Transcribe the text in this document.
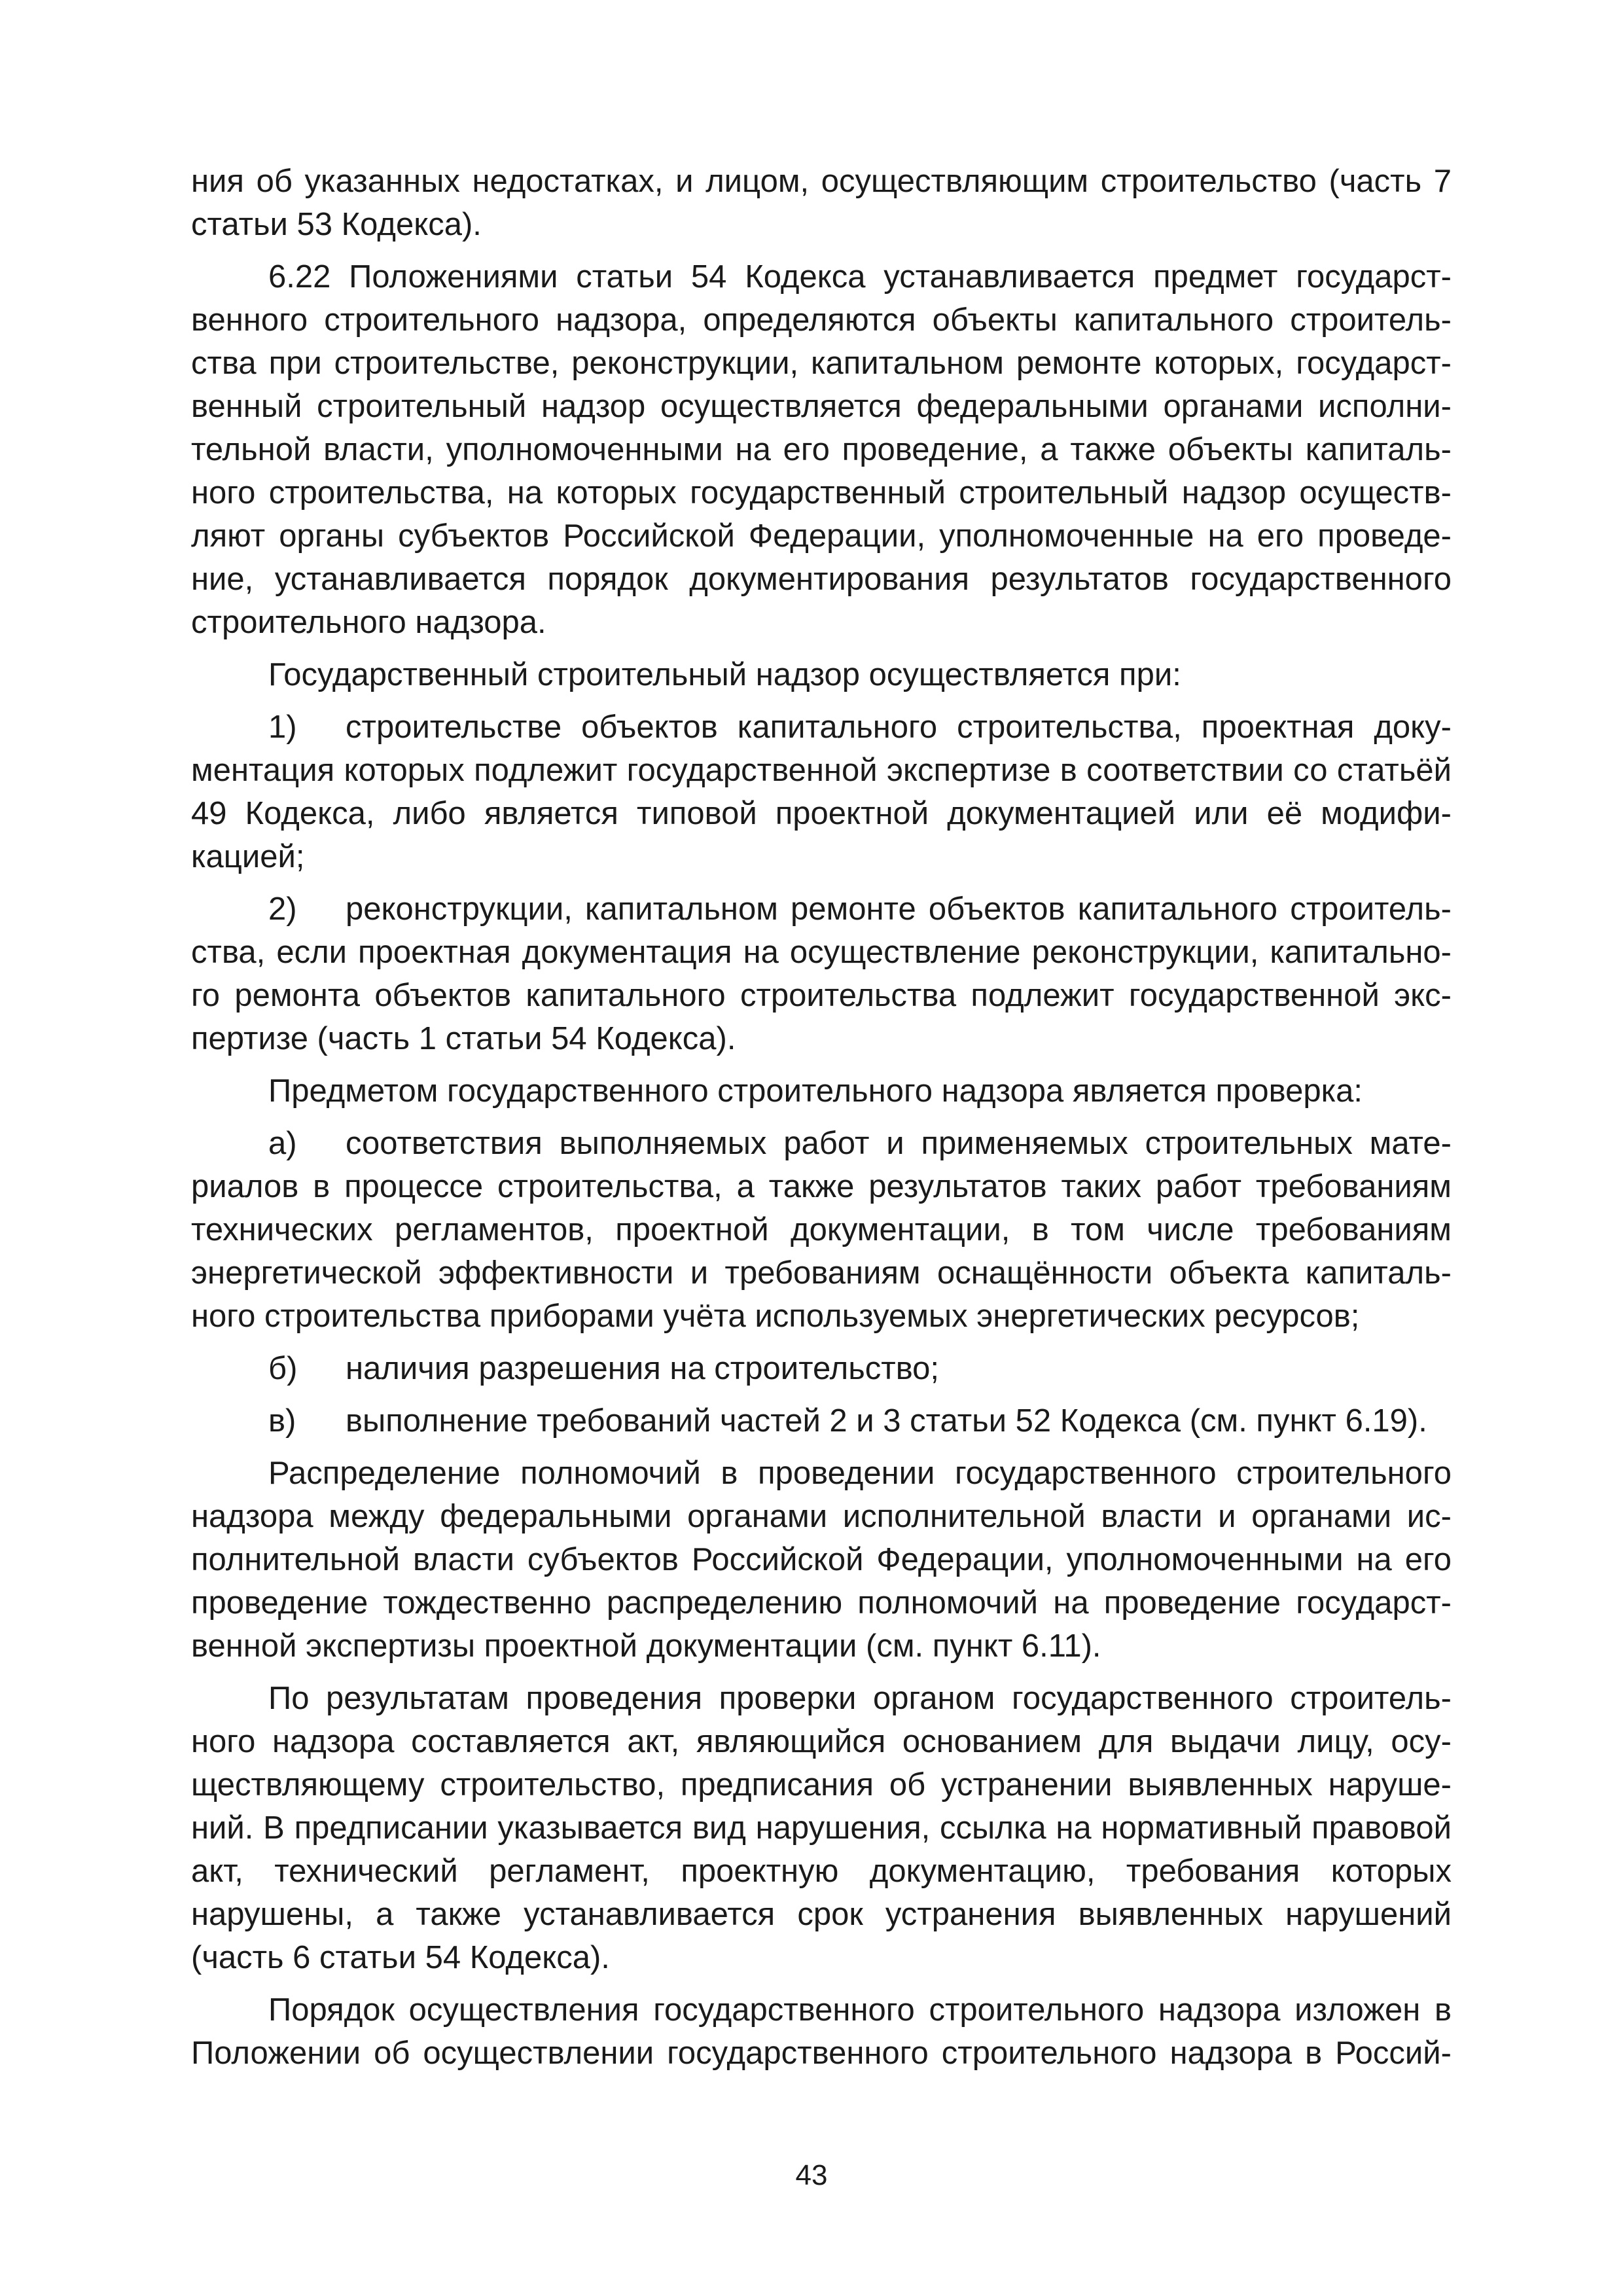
ния об указанных недостатках, и лицом, осуществляющим строительство (часть 7 статьи 53 Кодекса).

6.22 Положениями статьи 54 Кодекса устанавливается предмет государственного строительного надзора, определяются объекты капитального строительства при строительстве, реконструкции, капитальном ремонте которых, государственный строительный надзор осуществляется федеральными органами исполнительной власти, уполномоченными на его проведение, а также объекты капитального строительства, на которых государственный строительный надзор осуществляют органы субъектов Российской Федерации, уполномоченные на его проведение, устанавливается порядок документирования результатов государственного строительного надзора.

Государственный строительный надзор осуществляется при:

1) строительстве объектов капитального строительства, проектная документация которых подлежит государственной экспертизе в соответствии со статьёй 49 Кодекса, либо является типовой проектной документацией или её модификацией;

2) реконструкции, капитальном ремонте объектов капитального строительства, если проектная документация на осуществление реконструкции, капитального ремонта объектов капитального строительства подлежит государственной экспертизе (часть 1 статьи 54 Кодекса).

Предметом государственного строительного надзора является проверка:

а) соответствия выполняемых работ и применяемых строительных материалов в процессе строительства, а также результатов таких работ требованиям технических регламентов, проектной документации, в том числе требованиям энергетической эффективности и требованиям оснащённости объекта капитального строительства приборами учёта используемых энергетических ресурсов;

б) наличия разрешения на строительство;

в) выполнение требований частей 2 и 3 статьи 52 Кодекса (см. пункт 6.19).

Распределение полномочий в проведении государственного строительного надзора между федеральными органами исполнительной власти и органами исполнительной власти субъектов Российской Федерации, уполномоченными на его проведение тождественно распределению полномочий на проведение государственной экспертизы проектной документации (см. пункт 6.11).

По результатам проведения проверки органом государственного строительного надзора составляется акт, являющийся основанием для выдачи лицу, осуществляющему строительство, предписания об устранении выявленных нарушений. В предписании указывается вид нарушения, ссылка на нормативный правовой акт, технический регламент, проектную документацию, требования которых нарушены, а также устанавливается срок устранения выявленных нарушений (часть 6 статьи 54 Кодекса).

Порядок осуществления государственного строительного надзора изложен в Положении об осуществлении государственного строительного надзора в Россий-

43
